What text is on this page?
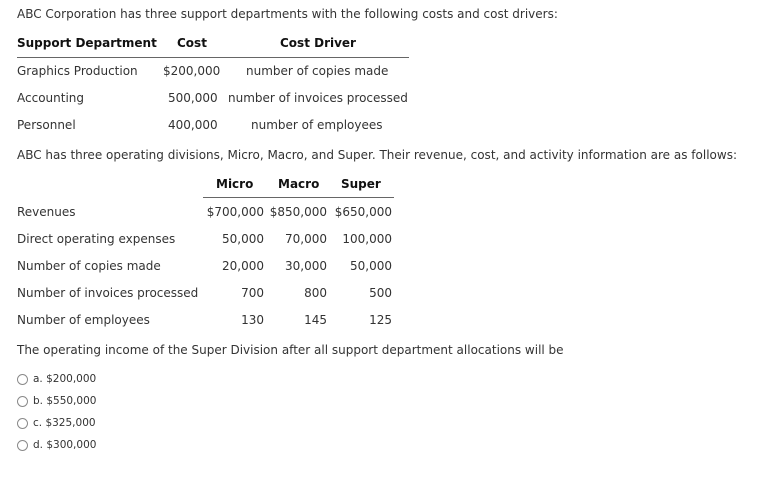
ABC Corporation has three support departments with the following costs and cost drivers:
Support Department Cost	Cost Driver
Graphics Production $200,000 number of copies made
Accounting	500,000 number of invoices processed
Personnel	400,000	number of employees
ABC has three operating divisions, Micro, Macro, and Super. Their revenue, cost, and activity information are as follows:
Micro Macro Super
Revenues	$700,000 $850,000 $650,000
Direct operating expenses	50,000	70,000	100,000
Number of copies made	20,000	30,000	50,000
Number of invoices processed	700	800	500
Number of employees	130	145	125
The operating income of the Super Division after all support department allocations will be
a. $200,000
b. $550,000
c. $325,000
d. $300,000
